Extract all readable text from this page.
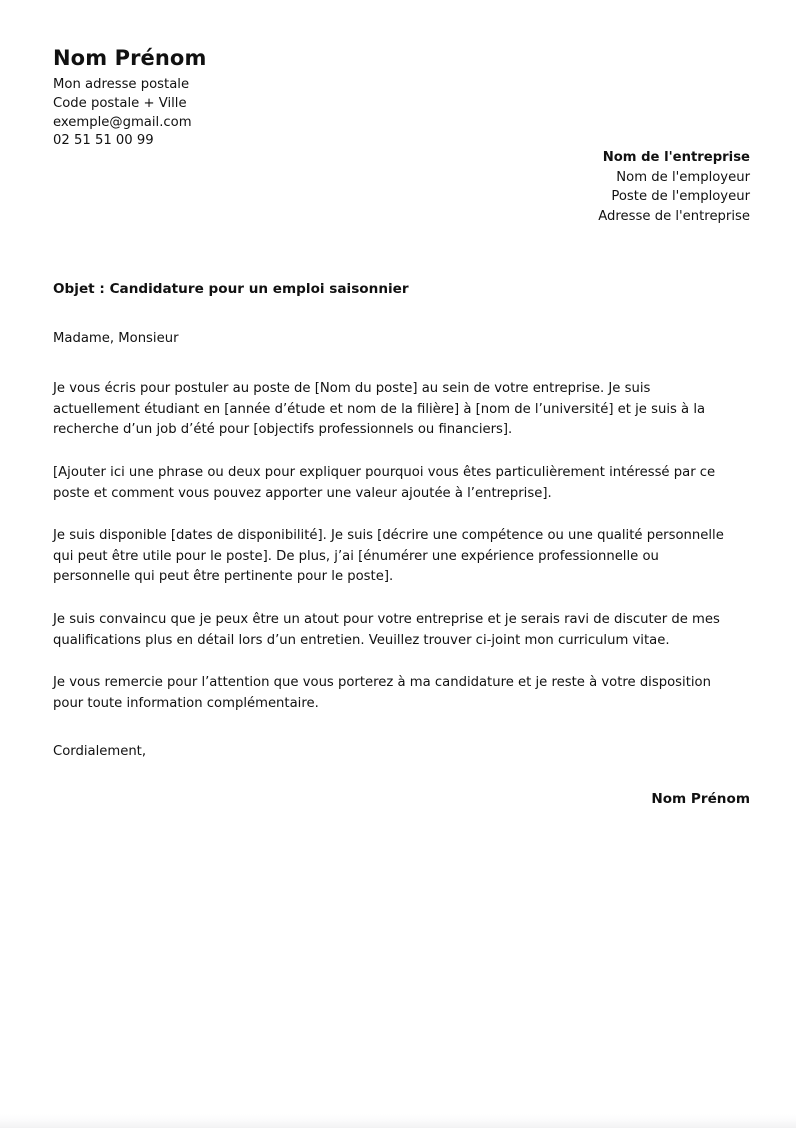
Nom Prénom
Mon adresse postale
Code postale + Ville
exemple@gmail.com
02 51 51 00 99
Nom de l'entreprise
Nom de l'employeur
Poste de l'employeur
Adresse de l'entreprise
Objet : Candidature pour un emploi saisonnier
Madame, Monsieur

Je vous écris pour postuler au poste de [Nom du poste] au sein de votre entreprise. Je suis actuellement étudiant en [année d’étude et nom de la filière] à [nom de l’université] et je suis à la recherche d’un job d’été pour [objectifs professionnels ou financiers].

[Ajouter ici une phrase ou deux pour expliquer pourquoi vous êtes particulièrement intéressé par ce poste et comment vous pouvez apporter une valeur ajoutée à l’entreprise].

Je suis disponible [dates de disponibilité]. Je suis [décrire une compétence ou une qualité personnelle qui peut être utile pour le poste]. De plus, j’ai [énumérer une expérience professionnelle ou personnelle qui peut être pertinente pour le poste].

Je suis convaincu que je peux être un atout pour votre entreprise et je serais ravi de discuter de mes qualifications plus en détail lors d’un entretien. Veuillez trouver ci-joint mon curriculum vitae.

Je vous remercie pour l’attention que vous porterez à ma candidature et je reste à votre disposition pour toute information complémentaire.

Cordialement,
Nom Prénom
